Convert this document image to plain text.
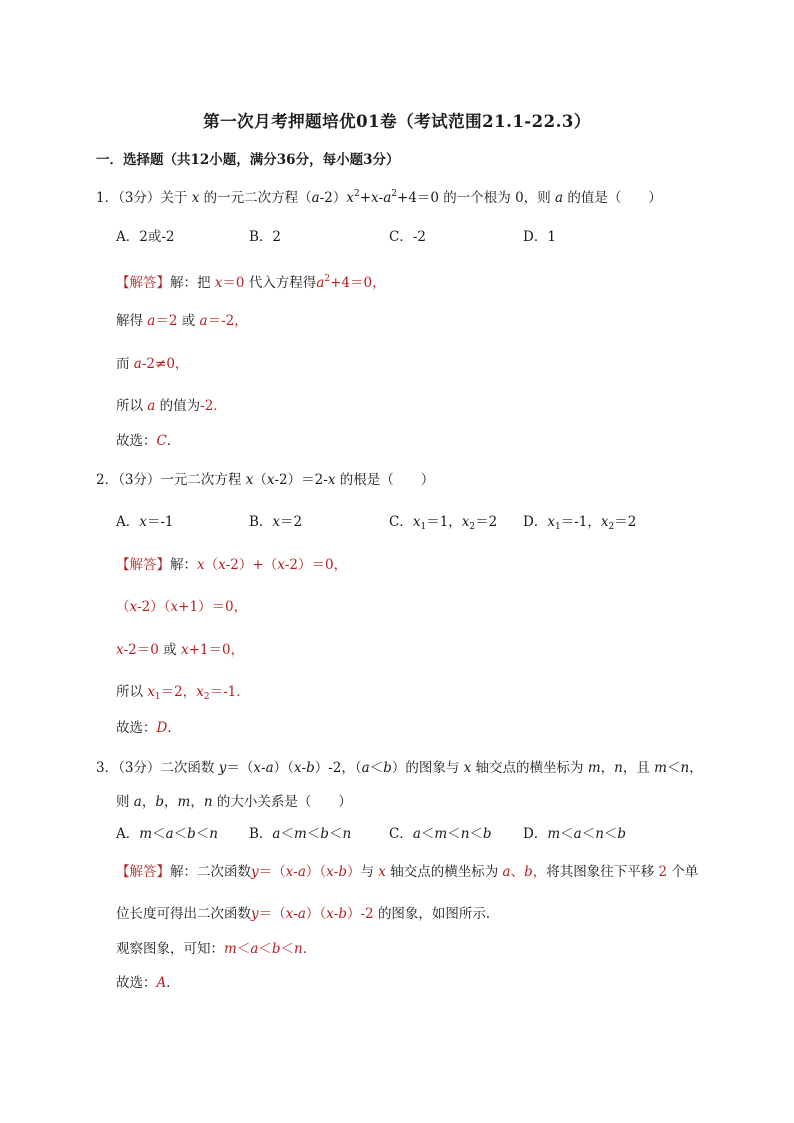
第一次月考押题培优01卷（考试范围21.1-22.3）
一．选择题（共12小题，满分36分，每小题3分）
1．（3分）关于 x 的一元二次方程$(a-2)x^2+x-a^2+4=0$ 的一个根为 0，则 a 的值是（　　）
A．2或-2	B．2	C．-2	D．1
【解答】解：把 x＝0 代入方程得$a^2+4=0$，
解得 a＝2 或 a＝-2，
而 a-2≠0，
所以 a 的值为-2．
故选：C．
2．（3分）一元二次方程 x（x-2）＝2-x 的根是（　　）
A．x＝-1	B．x＝2	C．$x_1=1$，$x_2=2$ D．$x_1=-1$，$x_2=2$
【解答】解：x（x-2）+（x-2）＝0，
（x-2）（x+1）＝0，
x-2＝0 或 x+1＝0，
所以 $x_1=2$，$x_2=-1$．
故选：D．
3．（3分）二次函数 y＝（x-a）（x-b）-2，（a＜b）的图象与 x 轴交点的横坐标为 m，n，且 m＜n，
则 a，b，m，n 的大小关系是（　　）
A．m＜a＜b＜n B．a＜m＜b＜n	C．a＜m＜n＜b D．m＜a＜n＜b
【解答】解：二次函数y＝（x-a）（x-b）与 x 轴交点的横坐标为 a、b，将其图象往下平移 2 个单
位长度可得出二次函数y＝（x-a）（x-b）-2 的图象，如图所示．
观察图象，可知：m＜a＜b＜n．
故选：A．
